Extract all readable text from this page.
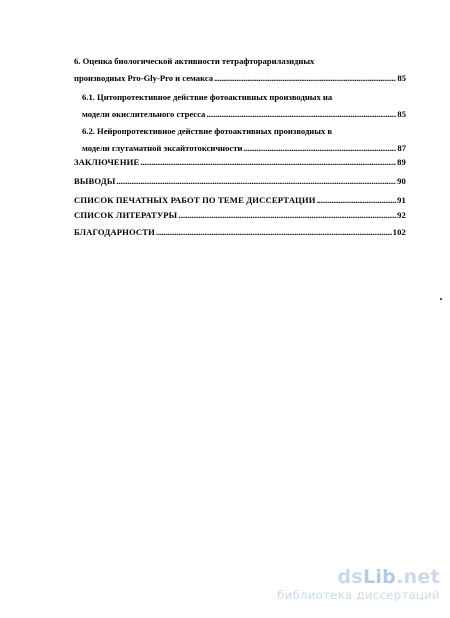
6. Оценка биологической активности тетрафторарилазидных
производных Pro-Gly-Pro и семакса .....	85
6.1. Цитопротективное действие фотоактивных производных на
модели окислительного стресса .....	85
6.2. Нейропротективное действие фотоактивных производных в
модели глутаматной эксайтотоксичности .....	87
ЗАКЛЮЧЕНИЕ .....	89
ВЫВОДЫ .....	90
СПИСОК ПЕЧАТНЫХ РАБОТ ПО ТЕМЕ ДИССЕРТАЦИИ .....	91
СПИСОК ЛИТЕРАТУРЫ .....	92
БЛАГОДАРНОСТИ .....	102
dsLib.net
библиотека диссертаций
